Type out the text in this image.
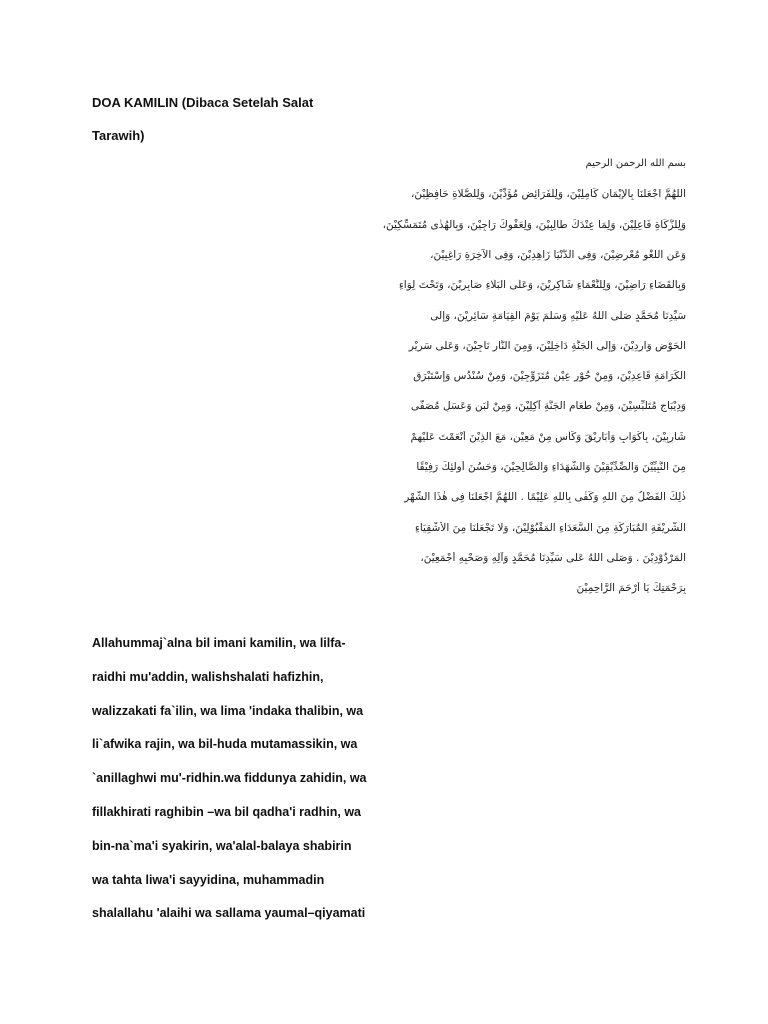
DOA KAMILIN (Dibaca Setelah Salat
Tarawih)
بسم الله الرحمن الرحيم
اَللّٰهُمَّ اجْعَلْنَا بِالْإِيْمَانِ كَامِلِيْنَ، وَلِلْفَرَائِضِ مُؤَدِّيْنَ، وَلِلصَّلَاةِ حَافِظِيْنَ،
وَلِلزَّكَاةِ فَاعِلِيْنَ، وَلِمَا عِنْدَكَ طَالِبِيْنَ، وَلِعَفْوِكَ رَاجِيْنَ، وَبِالْهُدٰى مُتَمَسِّكِيْنَ،
وَعَنِ اللَّغْوِ مُعْرِضِيْنَ، وَفِى الدُّنْيَا زَاهِدِيْنَ، وَفِى الْآخِرَةِ رَاغِبِيْنَ،
وَبِالْقَضَاءِ رَاضِيْنَ، وَلِلنَّعْمَاءِ شَاكِرِيْنَ، وَعَلَى الْبَلَاءِ صَابِرِيْنَ، وَتَحْتَ لِوَاءِ
سَيِّدِنَا مُحَمَّدٍ صَلَّى اللهُ عَلَيْهِ وَسَلَّمَ يَوْمَ الْقِيَامَةِ سَائِرِيْنَ، وَإِلَى
الْحَوْضِ وَارِدِيْنَ، وَإِلَى الْجَنَّةِ دَاخِلِيْنَ، وَمِنَ النَّارِ نَاجِيْنَ، وَعَلَى سَرِيْرِ
الْكَرَامَةِ قَاعِدِيْنَ، وَمِنْ حُوْرٍ عِيْنٍ مُتَزَوِّجِيْنَ، وَمِنْ سُنْدُسٍ وَإِسْتَبْرَقٍ
وَدِيْبَاجٍ مُتَلَبِّسِيْنَ، وَمِنْ طَعَامِ الْجَنَّةِ آكِلِيْنَ، وَمِنْ لَبَنٍ وَعَسَلٍ مُصَفًّى
شَارِبِيْنَ، بِأَكْوَابٍ وَأَبَارِيْقَ وَكَأْسٍ مِنْ مَعِيْنٍ، مَعَ الَّذِيْنَ أَنْعَمْتَ عَلَيْهِمْ
مِنَ النَّبِيِّيْنَ وَالصِّدِّيْقِيْنَ وَالشُّهَدَاءِ وَالصَّالِحِيْنَ، وَحَسُنَ أُولٰئِكَ رَفِيْقًا
ذٰلِكَ الْفَضْلُ مِنَ اللهِ وَكَفٰى بِاللهِ عَلِيْمًا . اَللّٰهُمَّ اجْعَلْنَا فِى هٰذَا الشَّهْرِ
الشَّرِيْفَةِ الْمُبَارَكَةِ مِنَ السُّعَدَاءِ الْمَقْبُوْلِيْنَ، وَلَا تَجْعَلْنَا مِنَ الْأَشْقِيَاءِ
الْمَرْدُوْدِيْنَ . وَصَلَّى اللهُ عَلٰى سَيِّدِنَا مُحَمَّدٍ وَآلِهِ وَصَحْبِهِ أَجْمَعِيْنَ،
بِرَحْمَتِكَ يَا أَرْحَمَ الرَّاحِمِيْنَ
Allahummaj`alna bil imani kamilin, wa lilfa-
raidhi mu'addin, walishshalati hafizhin,
walizzakati fa`ilin, wa lima 'indaka thalibin, wa
li`afwika rajin, wa bil-huda mutamassikin, wa
`anillaghwi mu'-ridhin.wa fiddunya zahidin, wa
fillakhirati raghibin –wa bil qadha'i radhin, wa
bin-na`ma'i syakirin, wa'alal-balaya shabirin
wa tahta liwa'i sayyidina, muhammadin
shalallahu 'alaihi wa sallama yaumal–qiyamati
